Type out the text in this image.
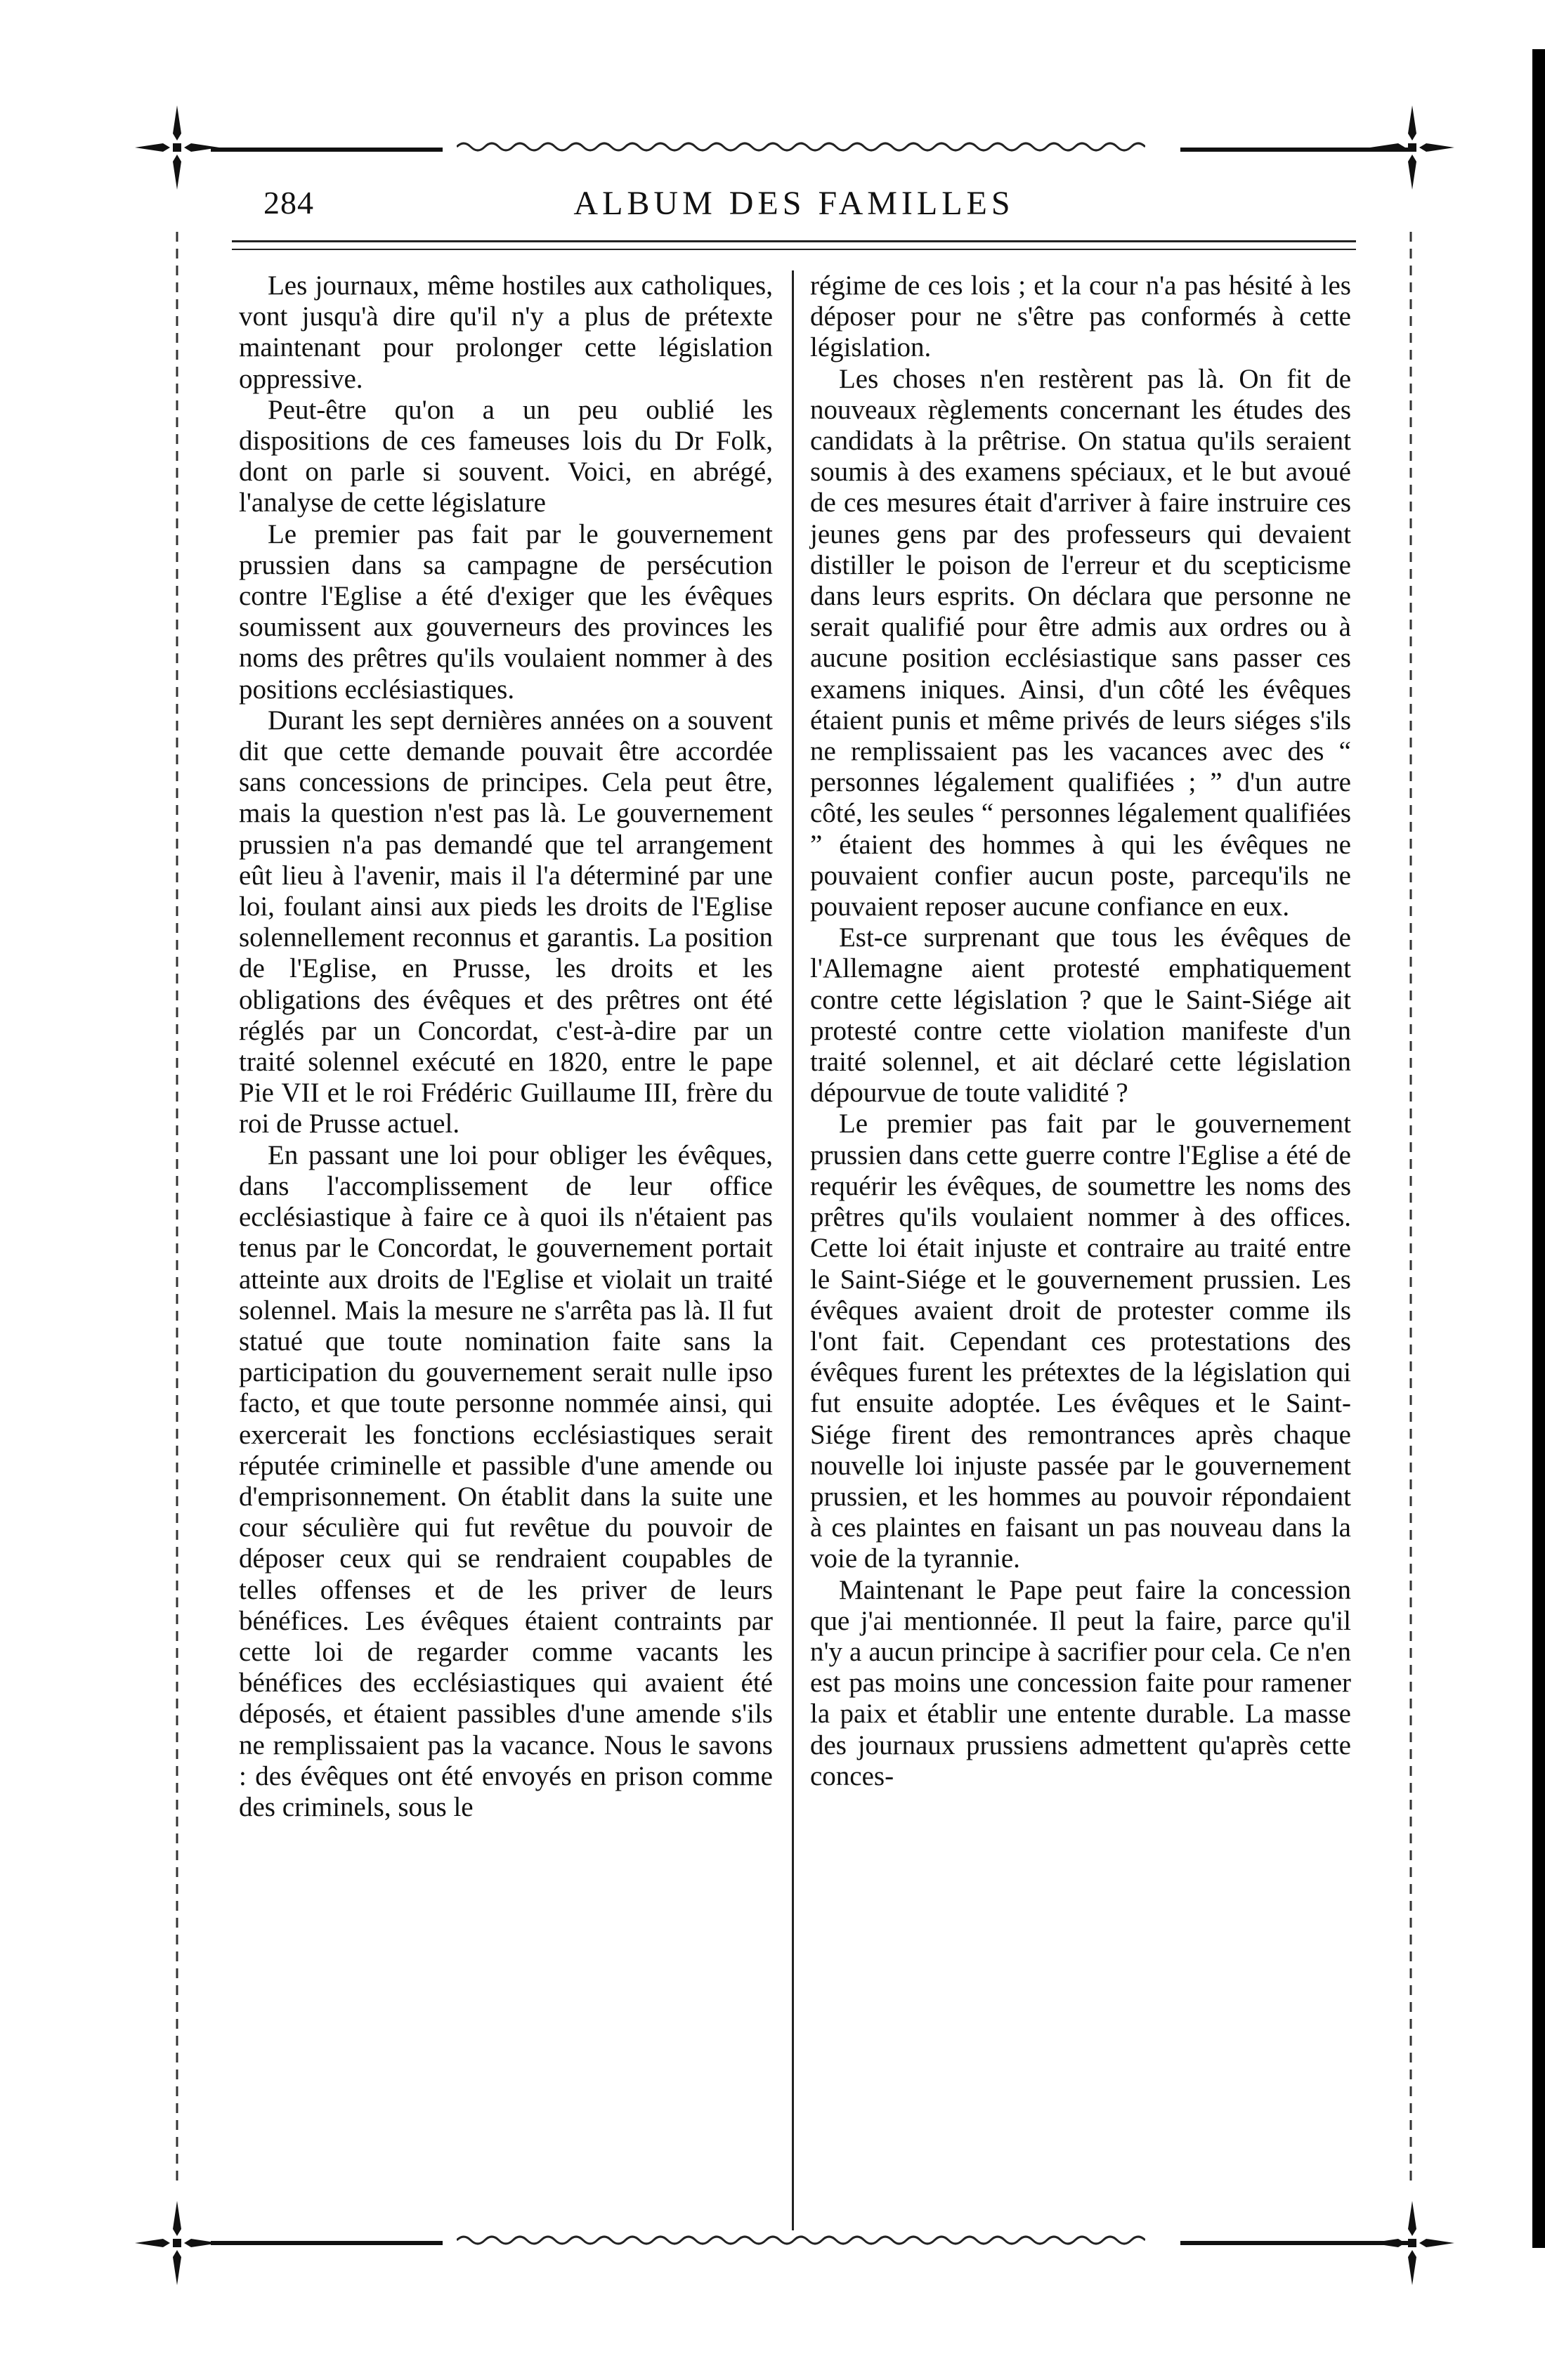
284	ALBUM DES FAMILLES

Les journaux, même hostiles aux catholiques, vont jusqu'à dire qu'il n'y a plus de prétexte maintenant pour prolonger cette législation oppressive.

Peut-être qu'on a un peu oublié les dispositions de ces fameuses lois du Dr Folk, dont on parle si souvent. Voici, en abrégé, l'analyse de cette législature

Le premier pas fait par le gouvernement prussien dans sa campagne de persécution contre l'Eglise a été d'exiger que les évêques soumissent aux gouverneurs des provinces les noms des prêtres qu'ils voulaient nommer à des positions ecclésiastiques.

Durant les sept dernières années on a souvent dit que cette demande pouvait être accordée sans concessions de principes. Cela peut être, mais la question n'est pas là. Le gouvernement prussien n'a pas demandé que tel arrangement eût lieu à l'avenir, mais il l'a déterminé par une loi, foulant ainsi aux pieds les droits de l'Eglise solennellement reconnus et garantis. La position de l'Eglise, en Prusse, les droits et les obligations des évêques et des prêtres ont été réglés par un Concordat, c'est-à-dire par un traité solennel exécuté en 1820, entre le pape Pie VII et le roi Frédéric Guillaume III, frère du roi de Prusse actuel.

En passant une loi pour obliger les évêques, dans l'accomplissement de leur office ecclésiastique à faire ce à quoi ils n'étaient pas tenus par le Concordat, le gouvernement portait atteinte aux droits de l'Eglise et violait un traité solennel. Mais la mesure ne s'arrêta pas là. Il fut statué que toute nomination faite sans la participation du gouvernement serait nulle ipso facto, et que toute personne nommée ainsi, qui exercerait les fonctions ecclésiastiques serait réputée criminelle et passible d'une amende ou d'emprisonnement. On établit dans la suite une cour séculière qui fut revêtue du pouvoir de déposer ceux qui se rendraient coupables de telles offenses et de les priver de leurs bénéfices. Les évêques étaient contraints par cette loi de regarder comme vacants les bénéfices des ecclésiastiques qui avaient été déposés, et étaient passibles d'une amende s'ils ne remplissaient pas la vacance. Nous le savons : des évêques ont été envoyés en prison comme des criminels, sous le

régime de ces lois ; et la cour n'a pas hésité à les déposer pour ne s'être pas conformés à cette législation.

Les choses n'en restèrent pas là. On fit de nouveaux règlements concernant les études des candidats à la prêtrise. On statua qu'ils seraient soumis à des examens spéciaux, et le but avoué de ces mesures était d'arriver à faire instruire ces jeunes gens par des professeurs qui devaient distiller le poison de l'erreur et du scepticisme dans leurs esprits. On déclara que personne ne serait qualifié pour être admis aux ordres ou à aucune position ecclésiastique sans passer ces examens iniques. Ainsi, d'un côté les évêques étaient punis et même privés de leurs siéges s'ils ne remplissaient pas les vacances avec des “ personnes légalement qualifiées ; ” d'un autre côté, les seules “ personnes légalement qualifiées ” étaient des hommes à qui les évêques ne pouvaient confier aucun poste, parcequ'ils ne pouvaient reposer aucune confiance en eux.

Est-ce surprenant que tous les évêques de l'Allemagne aient protesté emphatiquement contre cette législation ? que le Saint-Siége ait protesté contre cette violation manifeste d'un traité solennel, et ait déclaré cette législation dépourvue de toute validité ?

Le premier pas fait par le gouvernement prussien dans cette guerre contre l'Eglise a été de requérir les évêques, de soumettre les noms des prêtres qu'ils voulaient nommer à des offices. Cette loi était injuste et contraire au traité entre le Saint-Siége et le gouvernement prussien. Les évêques avaient droit de protester comme ils l'ont fait. Cependant ces protestations des évêques furent les prétextes de la législation qui fut ensuite adoptée. Les évêques et le Saint-Siége firent des remontrances après chaque nouvelle loi injuste passée par le gouvernement prussien, et les hommes au pouvoir répondaient à ces plaintes en faisant un pas nouveau dans la voie de la tyrannie.

Maintenant le Pape peut faire la concession que j'ai mentionnée. Il peut la faire, parce qu'il n'y a aucun principe à sacrifier pour cela. Ce n'en est pas moins une concession faite pour ramener la paix et établir une entente durable. La masse des journaux prussiens admettent qu'après cette conces-
